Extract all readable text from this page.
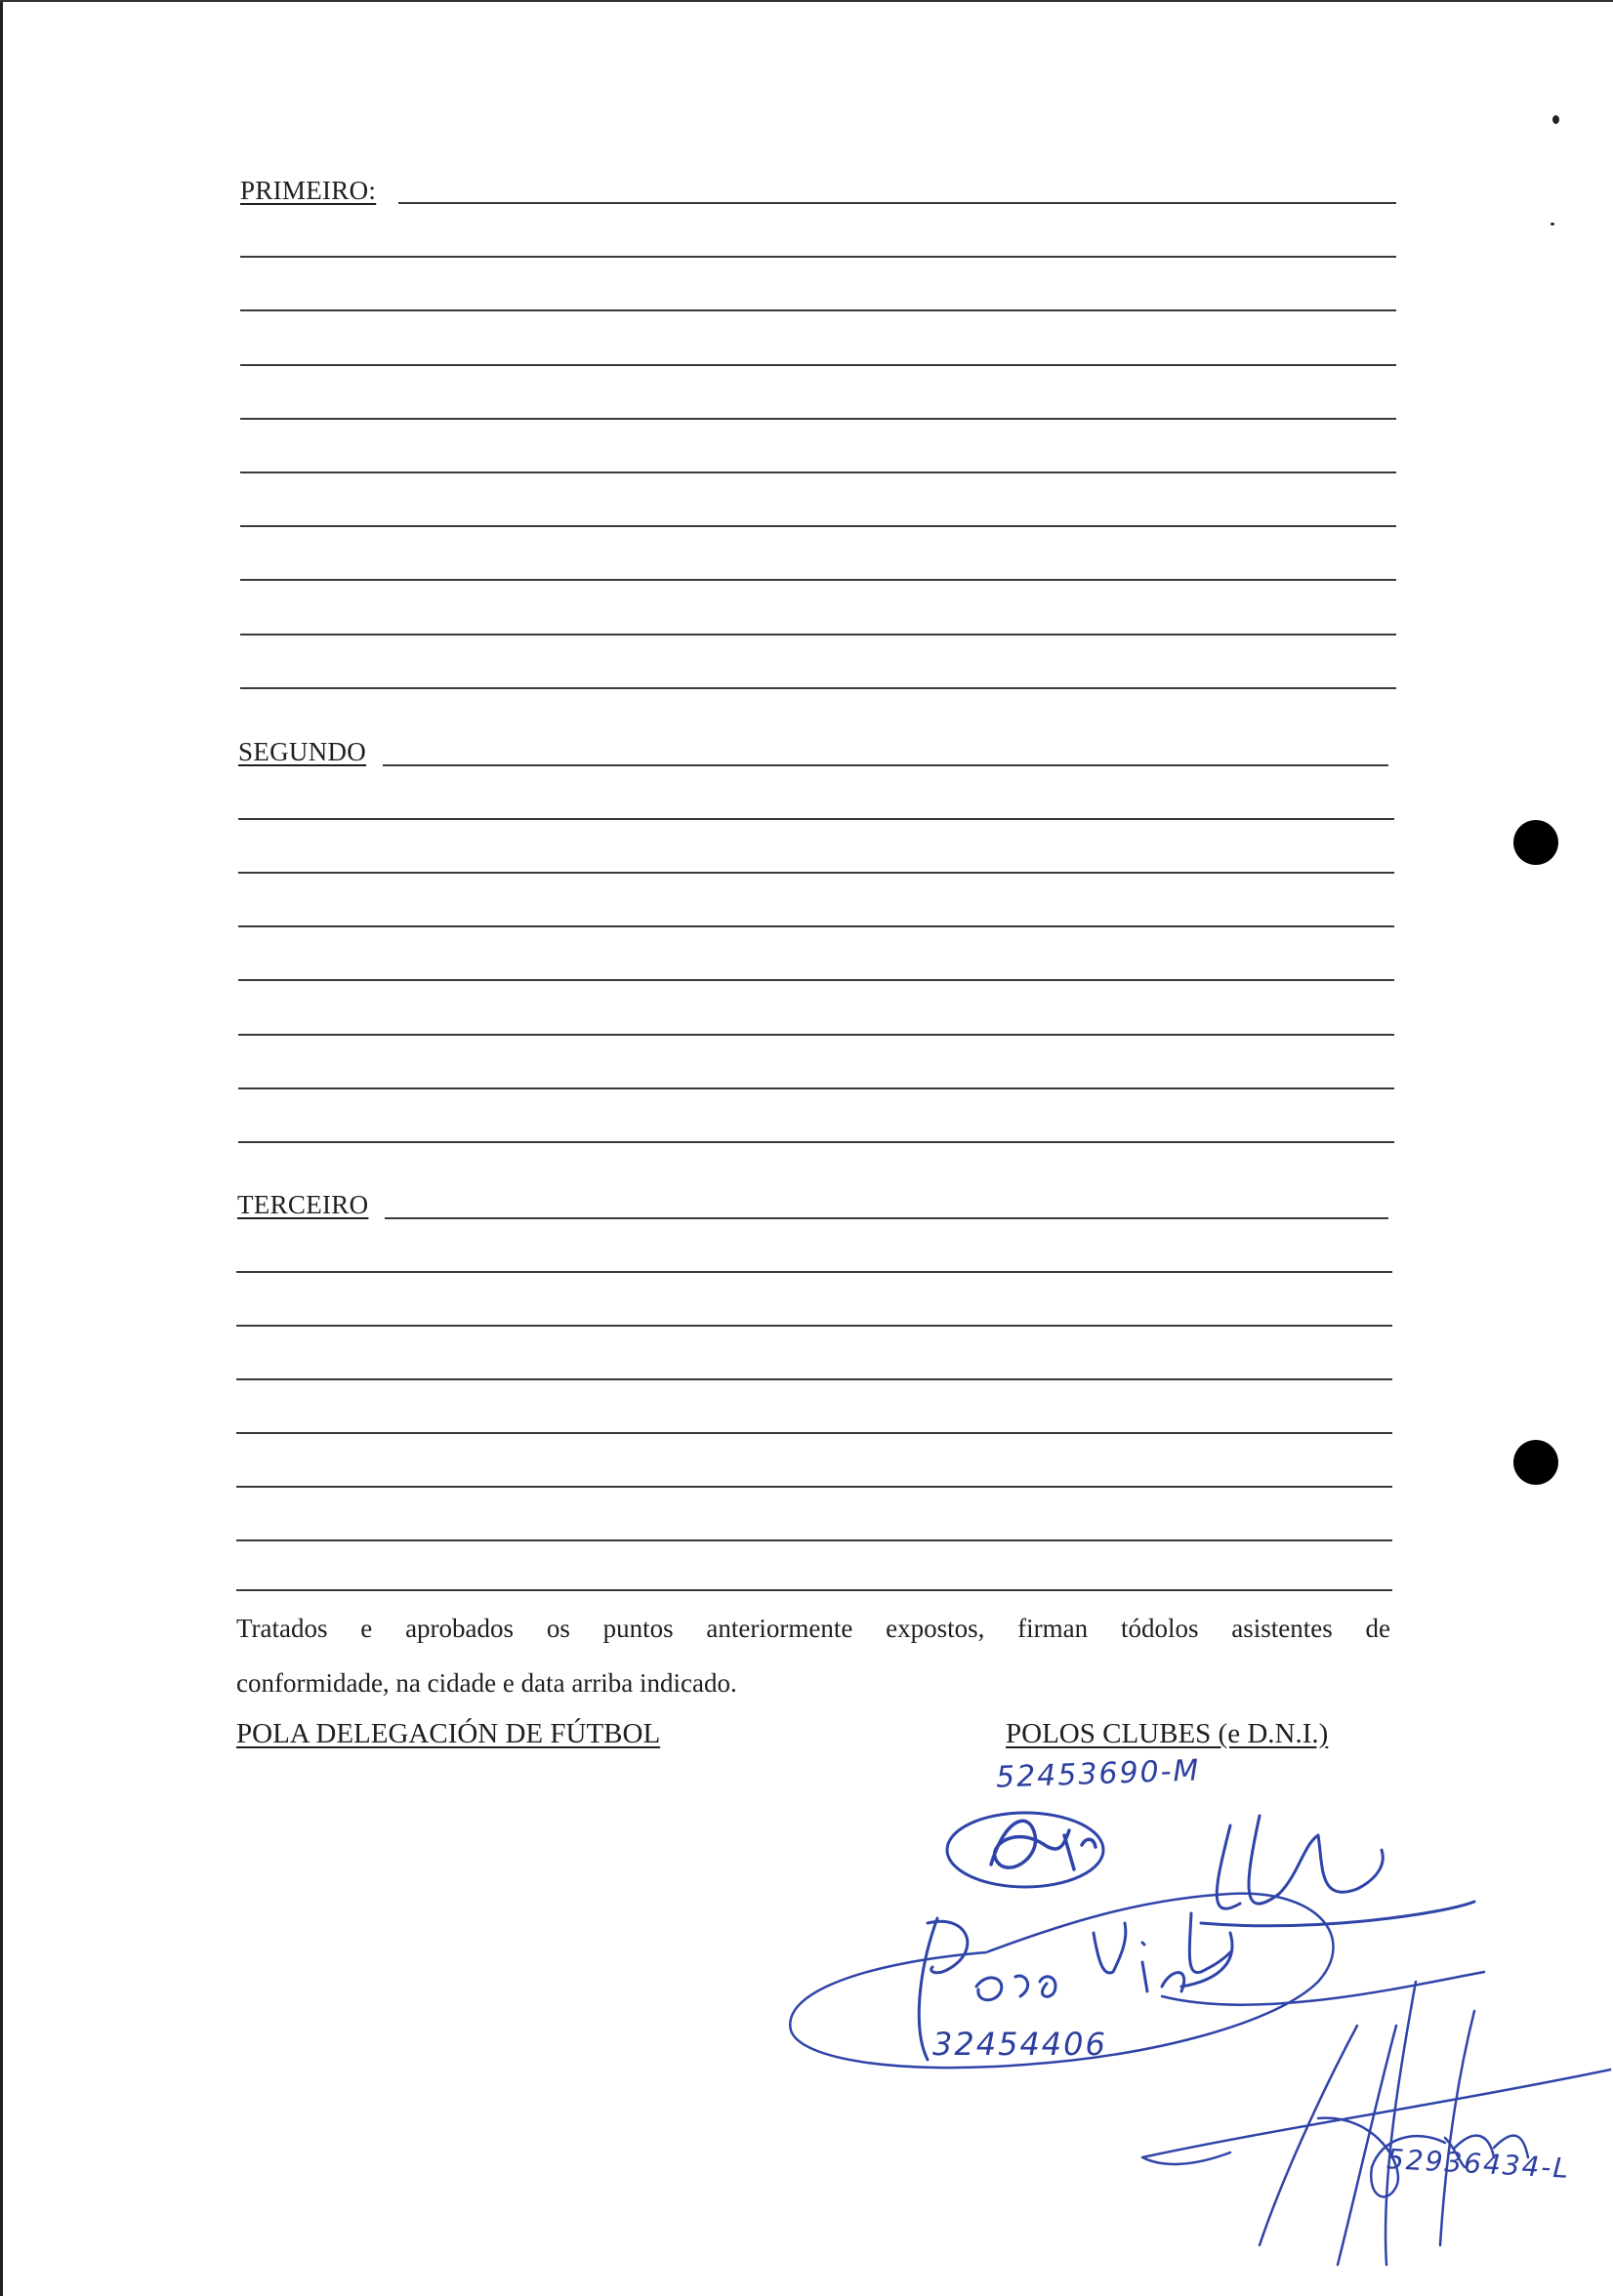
PRIMEIRO:
SEGUNDO
TERCEIRO
Tratados e aprobados os puntos anteriormente expostos, firman tódolos asistentes de
conformidade, na cidade e data arriba indicado.
POLA DELEGACIÓN DE FÚTBOL	POLOS CLUBES (e D.N.I.)
52453690-M
32454406
52936434-L
